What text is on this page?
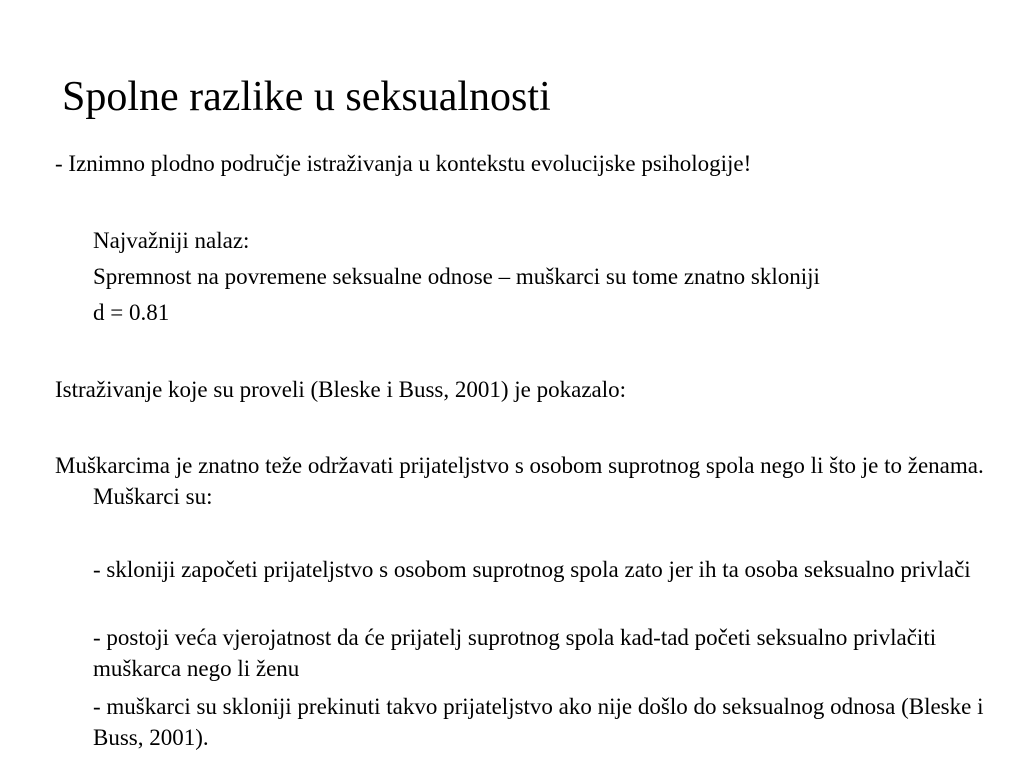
Spolne razlike u seksualnosti
- Iznimno plodno područje istraživanja u kontekstu evolucijske psihologije!
Najvažniji nalaz:
Spremnost na povremene seksualne odnose – muškarci su tome znatno skloniji
d = 0.81
Istraživanje koje su proveli (Bleske i Buss, 2001) je pokazalo:
Muškarcima je znatno teže održavati prijateljstvo s osobom suprotnog spola nego li što je to ženama. Muškarci su:
- skloniji započeti prijateljstvo s osobom suprotnog spola zato jer ih ta osoba seksualno privlači
- postoji veća vjerojatnost da će prijatelj suprotnog spola kad-tad početi seksualno privlačiti muškarca nego li ženu
- muškarci su skloniji prekinuti takvo prijateljstvo ako nije došlo do seksualnog odnosa (Bleske i Buss, 2001).
